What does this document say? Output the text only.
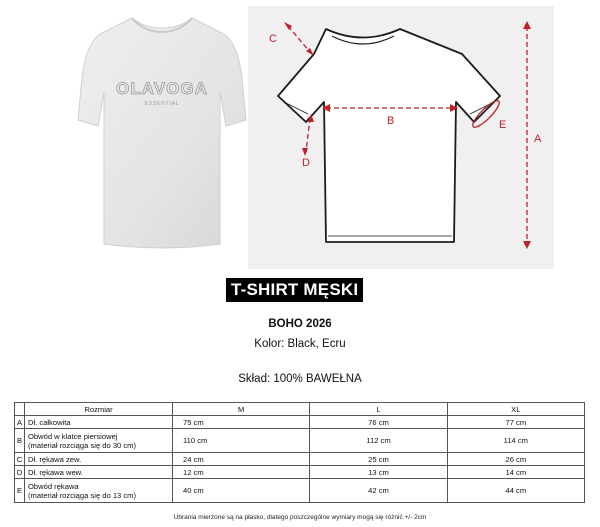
OLAVOGA
ESSENTIAL
A
B
C
D
E
T-SHIRT MĘSKI
BOHO 2026
Kolor: Black, Ecru
Skład: 100% BAWEŁNA
	Rozmiar	M	L	XL
A	Dł. całkowita	75 cm	76 cm	77 cm
B	Obwód w klatce piersiowej
(materiał rozciąga się do 30 cm)	110 cm	112 cm	114 cm
C	Dł. rękawa zew.	24 cm	25 cm	26 cm
D	Dł. rękawa wew.	12 cm	13 cm	14 cm
E	Obwód rękawa
(materiał rozciąga się do 13 cm)	40 cm	42 cm	44 cm
Ubrania mierzone są na płasko, dlatego poszczególne wymiary mogą się różnić +/- 2cm
